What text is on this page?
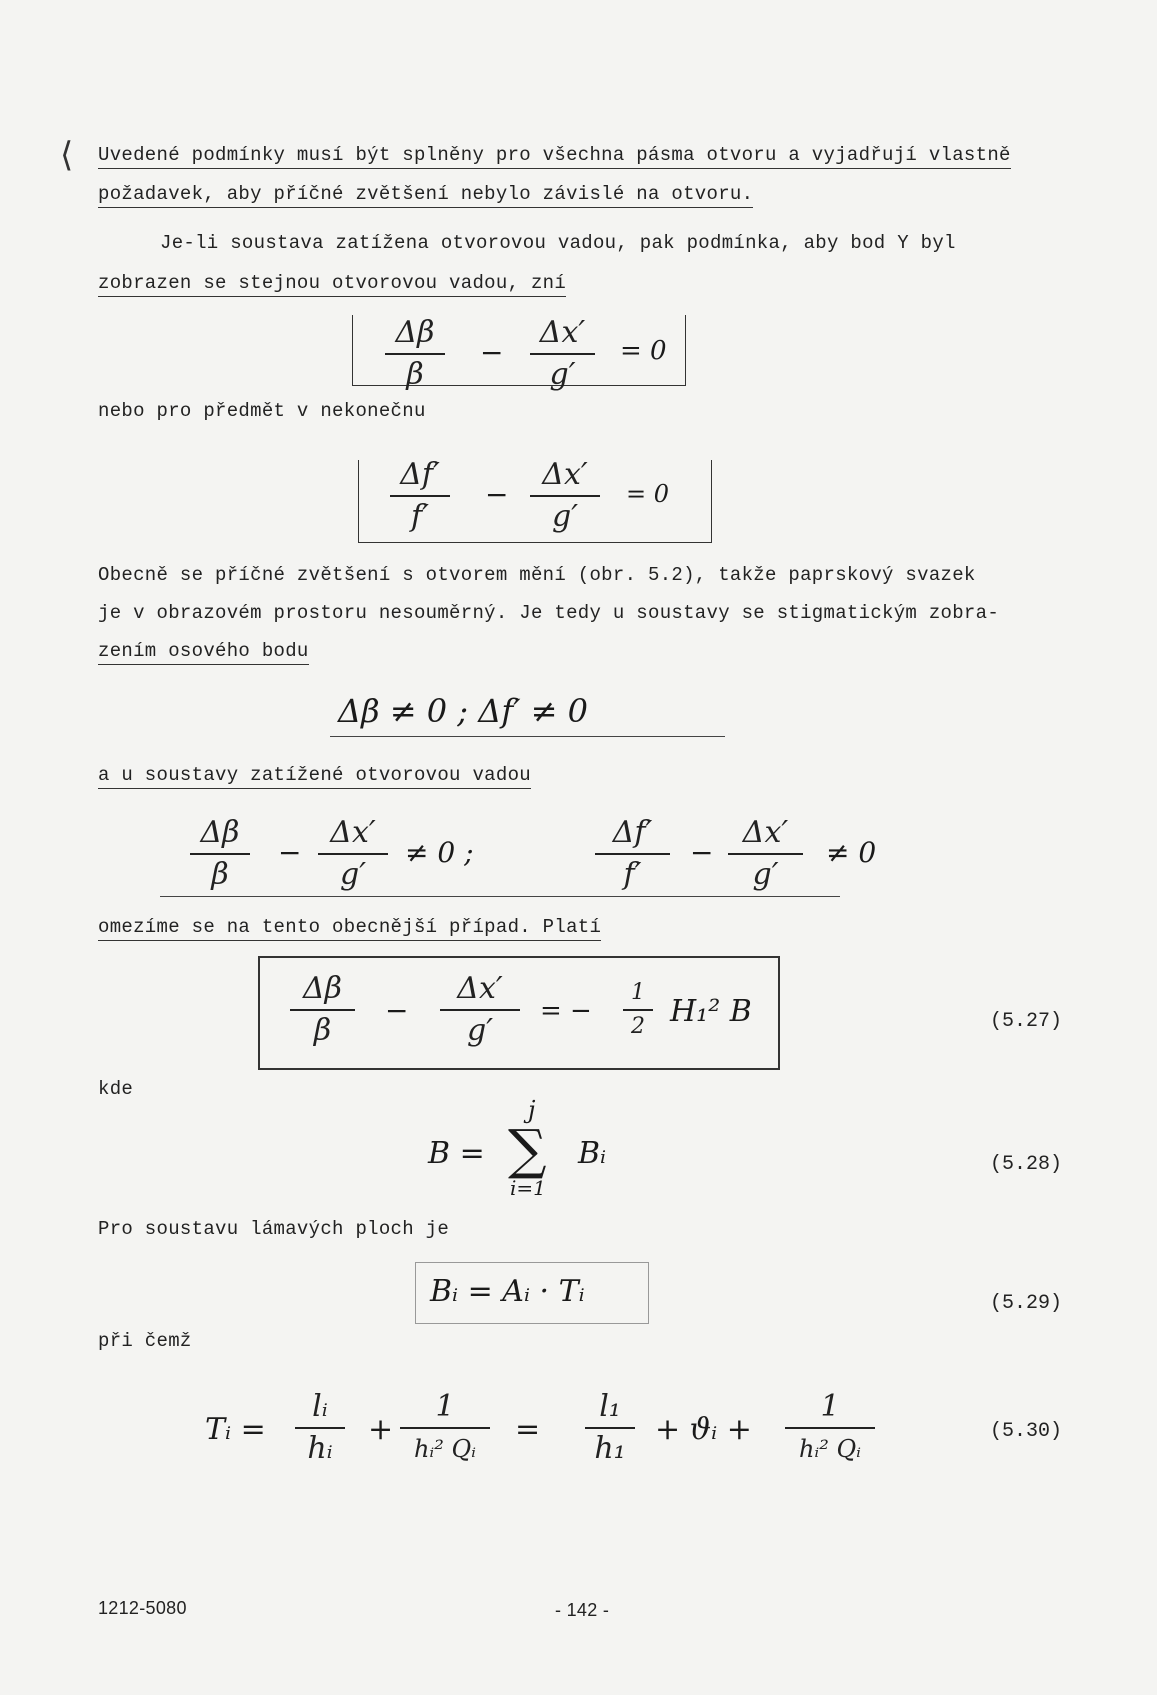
⟨ Uvedené podmínky musí být splněny pro všechna pásma otvoru a vyjadřují vlastně
požadavek, aby příčné zvětšení nebylo závislé na otvoru.
Je-li soustava zatížena otvorovou vadou, pak podmínka, aby bod Y byl
zobrazen se stejnou otvorovou vadou, zní
Δβ
β
−
Δx′
g′
= 0
nebo pro předmět v nekonečnu
Δf′
f′
−
Δx′
g′
= 0
Obecně se příčné zvětšení s otvorem mění (obr. 5.2), takže paprskový svazek
je v obrazovém prostoru nesouměrný. Je tedy u soustavy se stigmatickým zobra-
zením osového bodu
Δβ ≠ 0 ; Δf′ ≠ 0
a u soustavy zatížené otvorovou vadou
Δβ
β
−
Δx′
g′
≠ 0 ;
Δf′
f′
−
Δx′
g′
≠ 0
omezíme se na tento obecnější případ. Platí
Δβ
β
−
Δx′
g′
= −
1
2 H₁² B	(5.27)
kde
B =
j
∑
i=1
Bᵢ	(5.28)
Pro soustavu lámavých ploch je
Bᵢ = Aᵢ · Tᵢ	(5.29)
při čemž
Tᵢ =
lᵢ
hᵢ
+
1
hᵢ² Qᵢ
=
l₁
h₁
+ ϑᵢ +
1
hᵢ² Qᵢ
(5.30)
1212-5080	- 142 -
